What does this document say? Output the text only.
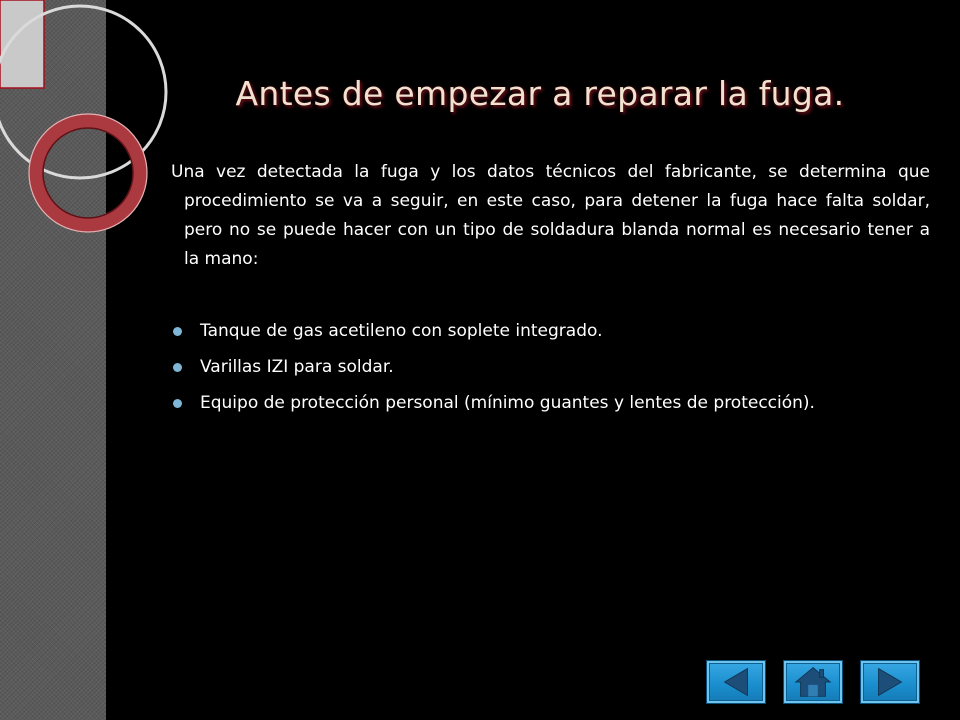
Antes de empezar a reparar la fuga.

Una vez detectada la fuga y los datos técnicos del fabricante, se determina que procedimiento se va a seguir, en este caso, para detener la fuga hace falta soldar, pero no se puede hacer con un tipo de soldadura blanda normal es necesario tener a la mano:

Tanque de gas acetileno con soplete integrado.
Varillas IZI para soldar.
Equipo de protección personal (mínimo guantes y lentes de protección).
